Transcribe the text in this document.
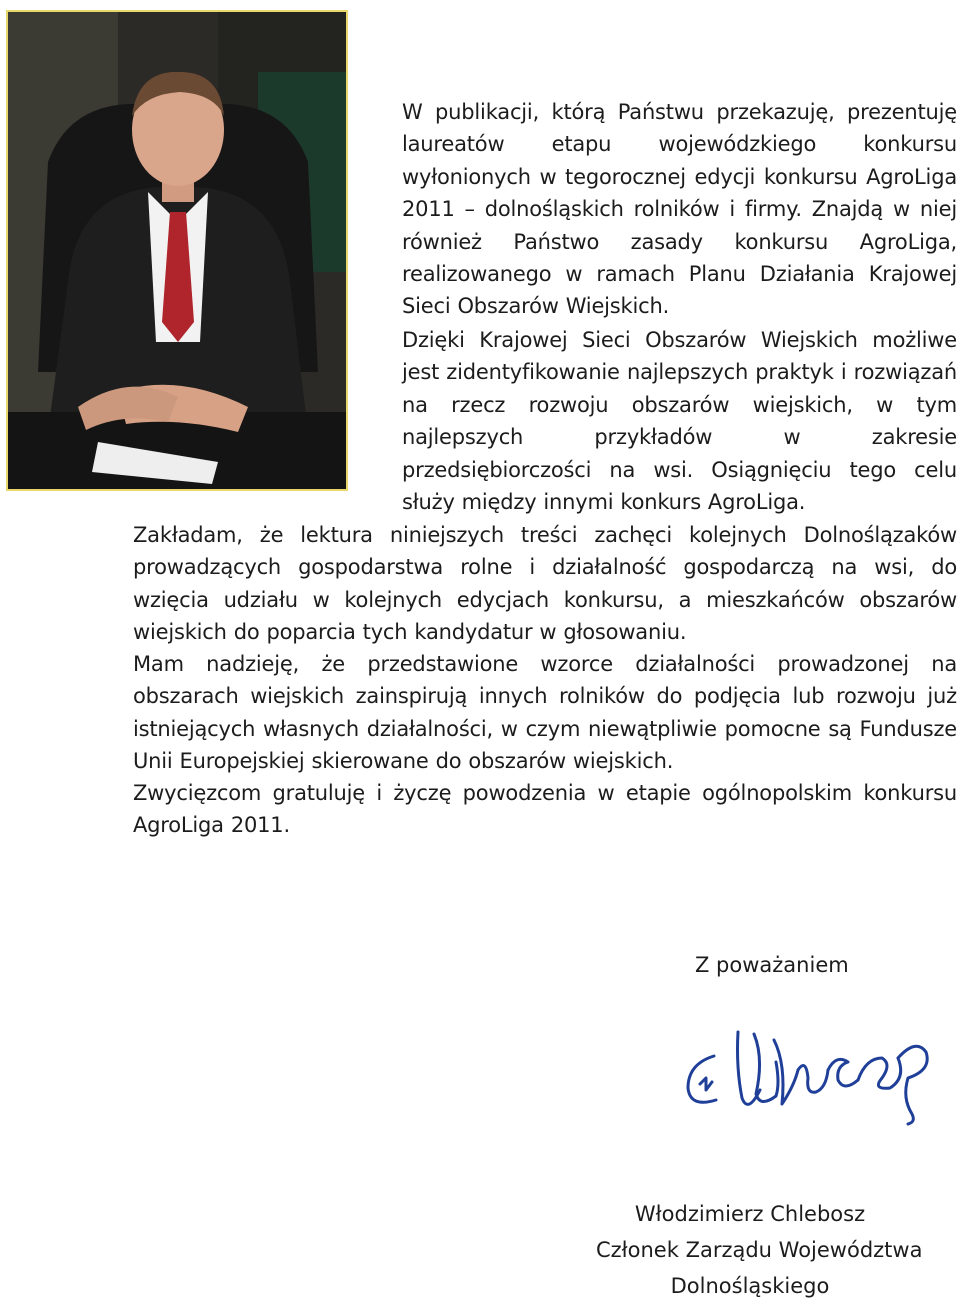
W publikacji, którą Państwu przekazuję, prezentuję laureatów etapu wojewódzkiego konkursu wyłonionych w tegorocznej edycji konkursu AgroLiga 2011 – dolnośląskich rolników i firmy. Znajdą w niej również Państwo zasady konkursu AgroLiga, realizowanego w ramach Planu Działania Krajowej Sieci Obszarów Wiejskich.

Dzięki Krajowej Sieci Obszarów Wiejskich możliwe jest zidentyfikowanie najlepszych praktyk i rozwiązań na rzecz rozwoju obszarów wiejskich, w tym najlepszych przykładów w zakresie przedsiębiorczości na wsi. Osiągnięciu tego celu służy między innymi konkurs AgroLiga.

Zakładam, że lektura niniejszych treści zachęci kolejnych Dolnoślązaków prowadzących gospodarstwa rolne i działalność gospodarczą na wsi, do wzięcia udziału w kolejnych edycjach konkursu, a mieszkańców obszarów wiejskich do poparcia tych kandydatur w głosowaniu.

Mam nadzieję, że przedstawione wzorce działalności prowadzonej na obszarach wiejskich zainspirują innych rolników do podjęcia lub rozwoju już istniejących własnych działalności, w czym niewątpliwie pomocne są Fundusze Unii Europejskiej skierowane do obszarów wiejskich.

Zwycięzcom gratuluję i życzę powodzenia w etapie ogólnopolskim konkursu AgroLiga 2011.

Z poważaniem
Włodzimierz Chlebosz
Członek Zarządu Województwa
Dolnośląskiego
